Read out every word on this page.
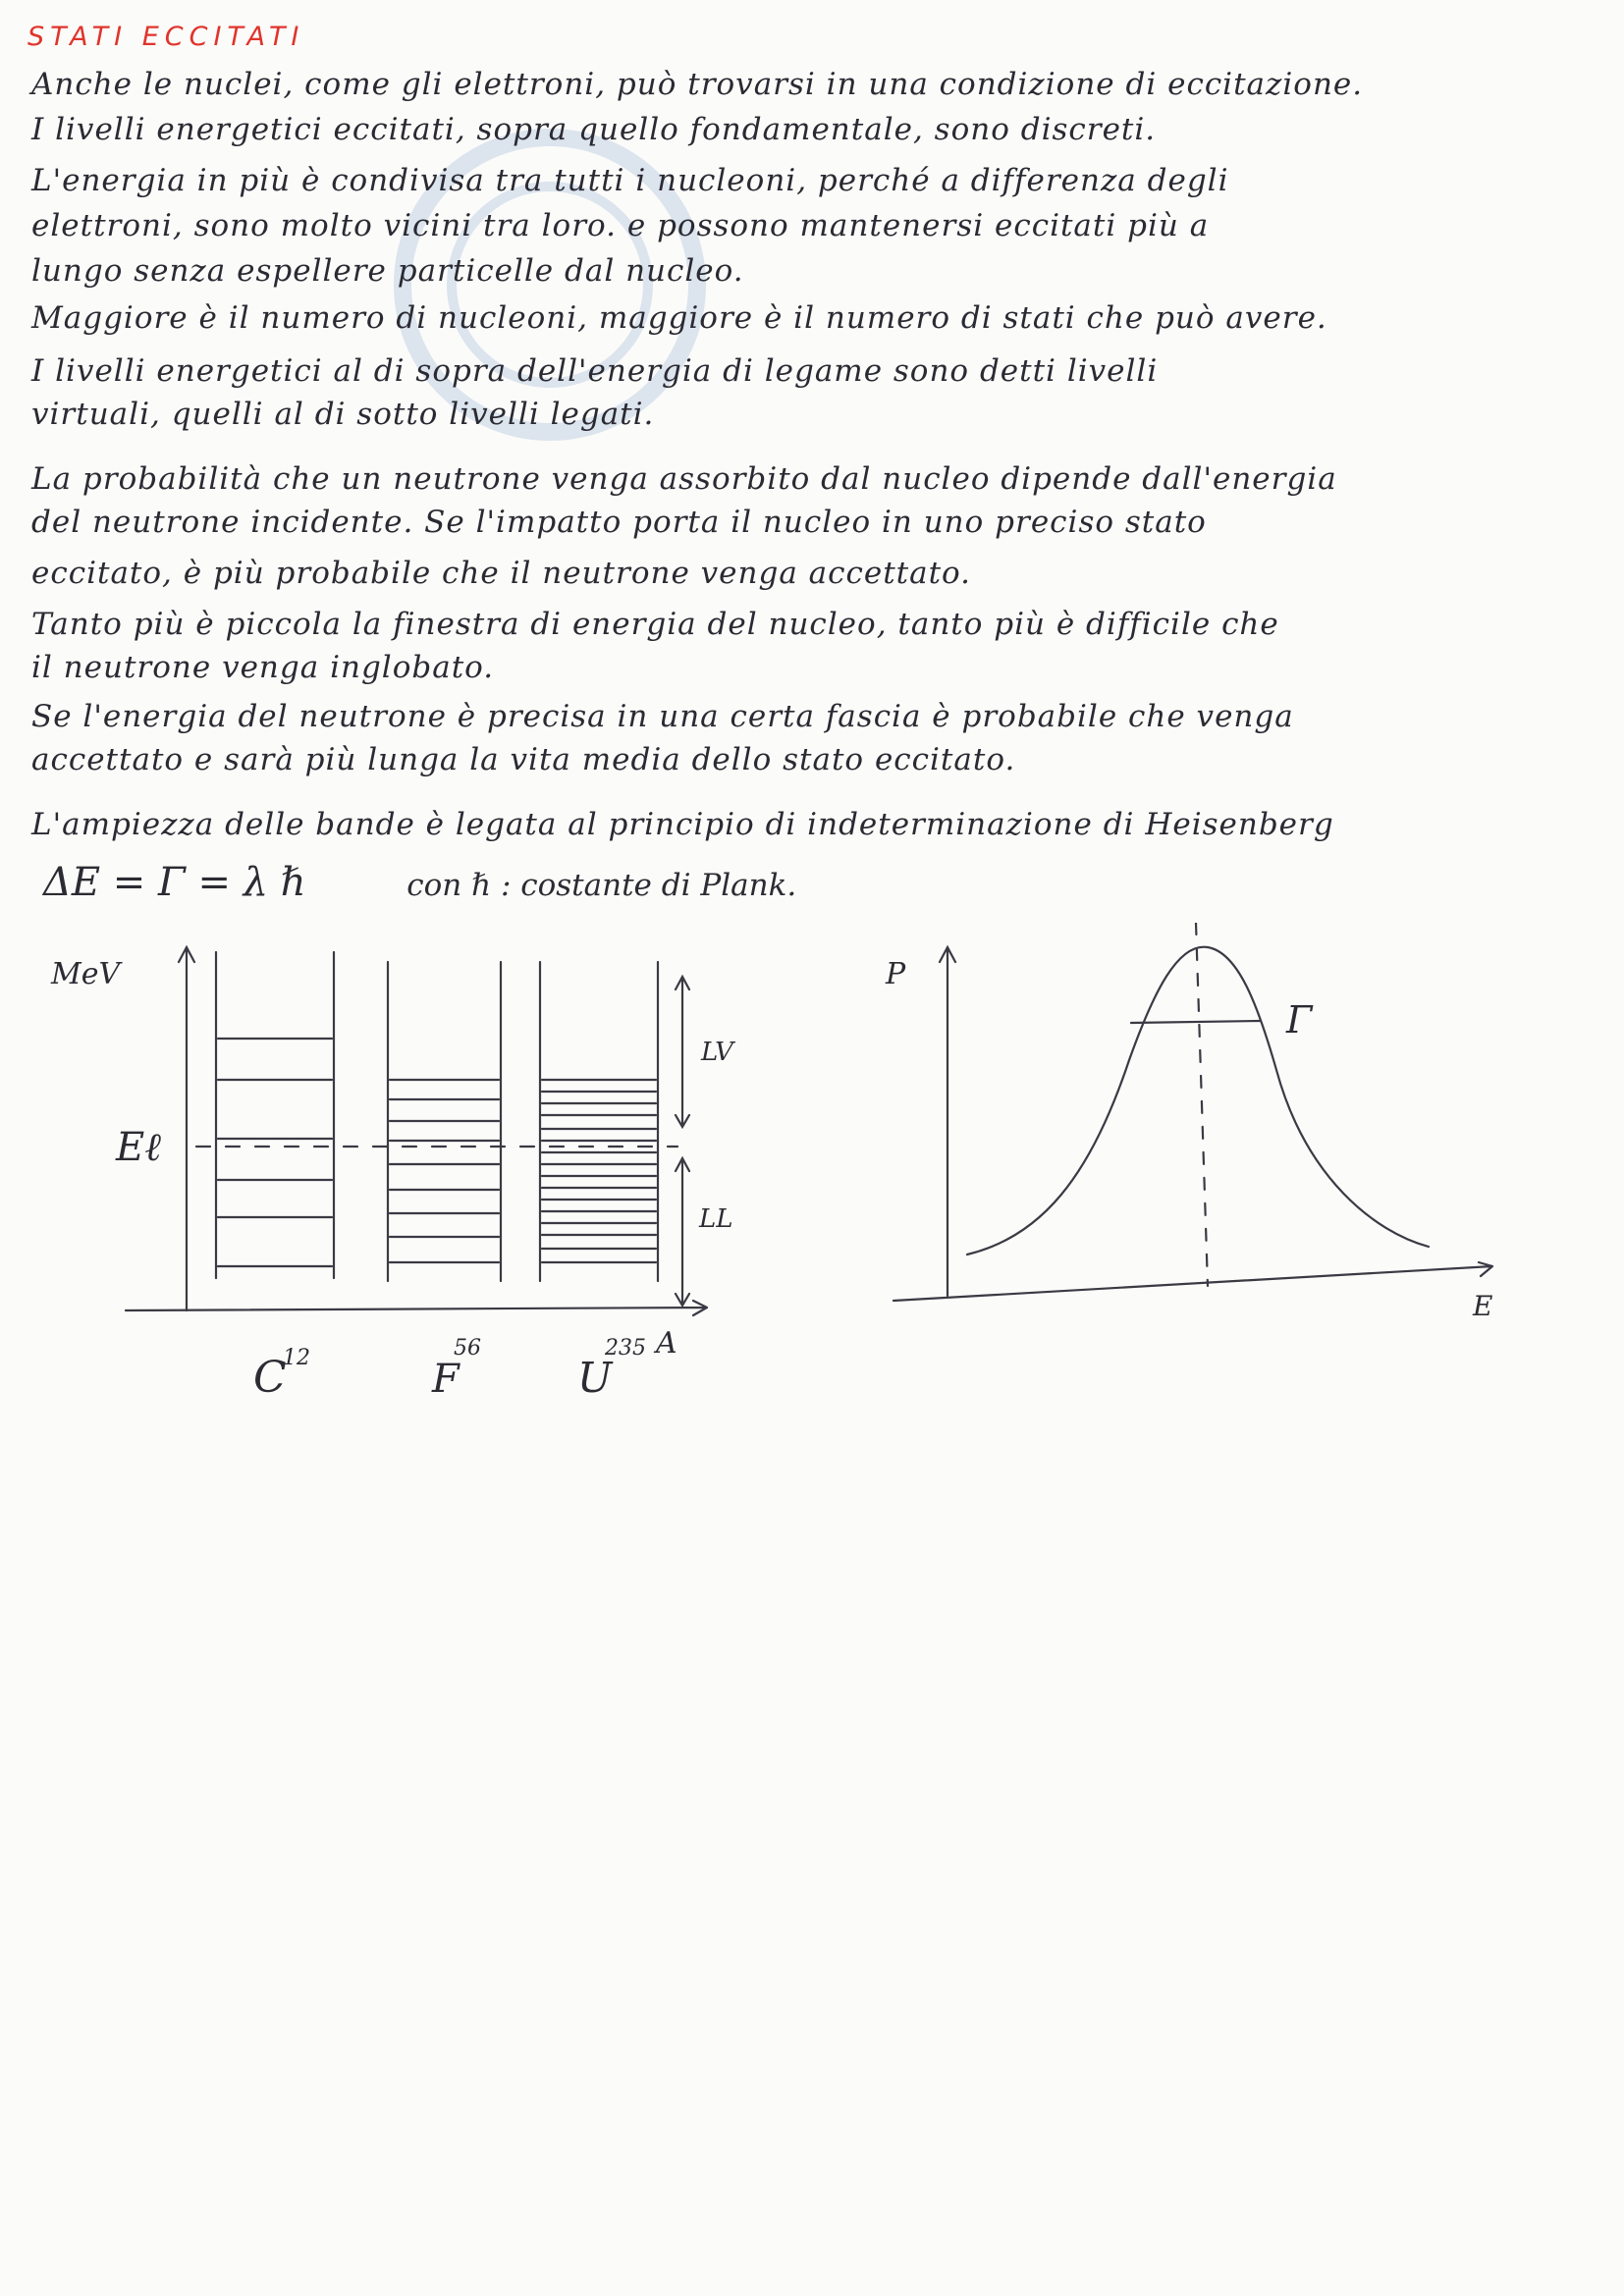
STATI ECCITATI
Anche le nuclei, come gli elettroni, può trovarsi in una condizione di eccitazione.
I livelli energetici eccitati, sopra quello fondamentale, sono discreti.
L'energia in più è condivisa tra tutti i nucleoni, perché a differenza degli
elettroni, sono molto vicini tra loro. e possono mantenersi eccitati più a
lungo senza espellere particelle dal nucleo.
Maggiore è il numero di nucleoni, maggiore è il numero di stati che può avere.
I livelli energetici al di sopra dell'energia di legame sono detti livelli
virtuali, quelli al di sotto livelli legati.
La probabilità che un neutrone venga assorbito dal nucleo dipende dall'energia
del neutrone incidente. Se l'impatto porta il nucleo in uno preciso stato
eccitato, è più probabile che il neutrone venga accettato.
Tanto più è piccola la finestra di energia del nucleo, tanto più è difficile che
il neutrone venga inglobato.
Se l'energia del neutrone è precisa in una certa fascia è probabile che venga
accettato e sarà più lunga la vita media dello stato eccitato.
L'ampiezza delle bande è legata al principio di indeterminazione di Heisenberg
ΔE = Γ = λ ℏ	con ℏ : costante di Plank.
MeV
Eℓ
LV
LL
A
C
12	F
56
U
235
P
Γ
E
